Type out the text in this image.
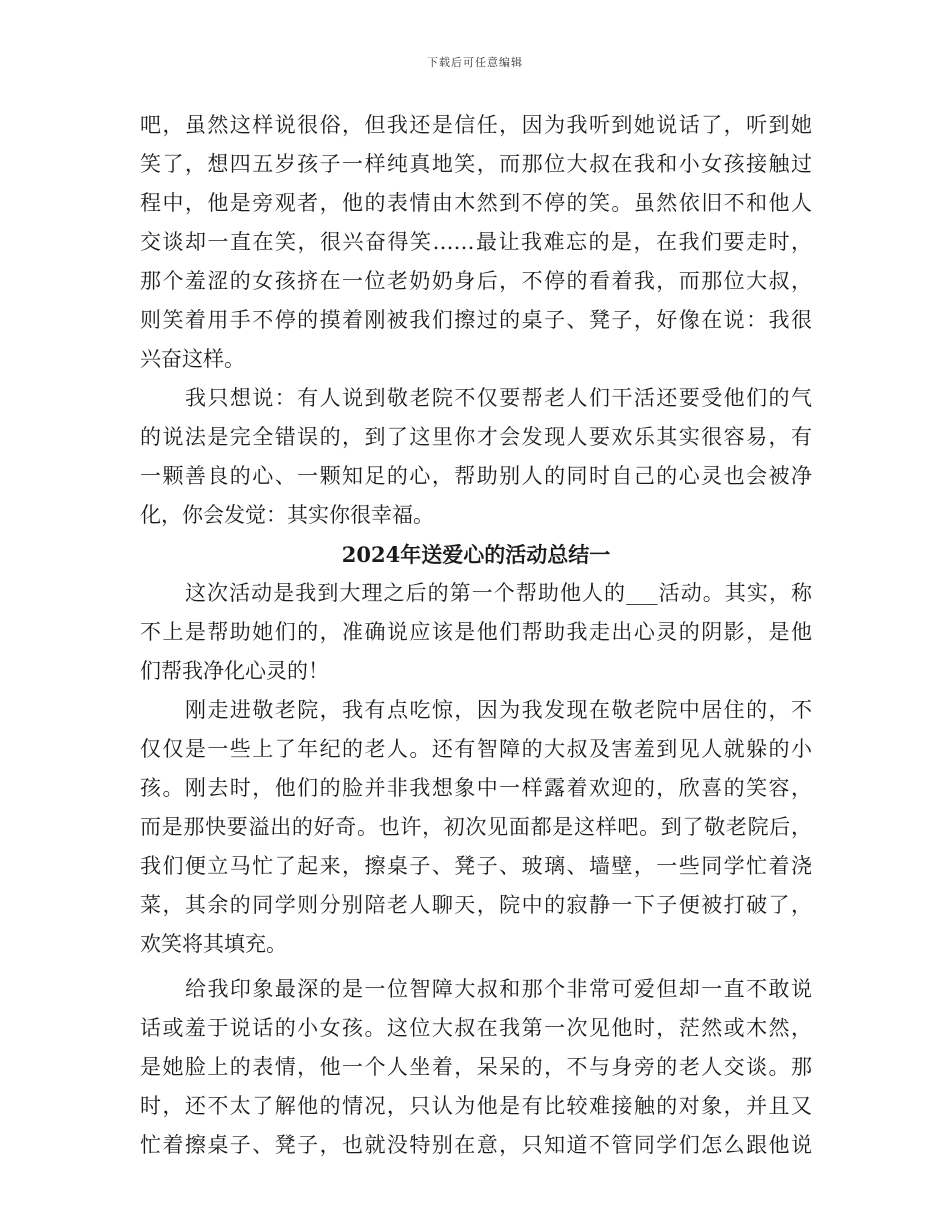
下载后可任意编辑
吧，虽然这样说很俗，但我还是信任，因为我听到她说话了，听到她
笑了，想四五岁孩子一样纯真地笑，而那位大叔在我和小女孩接触过
程中，他是旁观者，他的表情由木然到不停的笑。虽然依旧不和他人
交谈却一直在笑，很兴奋得笑……最让我难忘的是，在我们要走时，
那个羞涩的女孩挤在一位老奶奶身后，不停的看着我，而那位大叔，
则笑着用手不停的摸着刚被我们擦过的桌子、凳子，好像在说：我很
兴奋这样。
我只想说：有人说到敬老院不仅要帮老人们干活还要受他们的气
的说法是完全错误的，到了这里你才会发现人要欢乐其实很容易，有
一颗善良的心、一颗知足的心，帮助别人的同时自己的心灵也会被净
化，你会发觉：其实你很幸福。
2024年送爱心的活动总结一
这次活动是我到大理之后的第一个帮助他人的___活动。其实，称
不上是帮助她们的，准确说应该是他们帮助我走出心灵的阴影，是他
们帮我净化心灵的！
刚走进敬老院，我有点吃惊，因为我发现在敬老院中居住的，不
仅仅是一些上了年纪的老人。还有智障的大叔及害羞到见人就躲的小
孩。刚去时，他们的脸并非我想象中一样露着欢迎的，欣喜的笑容，
而是那快要溢出的好奇。也许，初次见面都是这样吧。到了敬老院后，
我们便立马忙了起来，擦桌子、凳子、玻璃、墙壁，一些同学忙着浇
菜，其余的同学则分别陪老人聊天，院中的寂静一下子便被打破了，
欢笑将其填充。
给我印象最深的是一位智障大叔和那个非常可爱但却一直不敢说
话或羞于说话的小女孩。这位大叔在我第一次见他时，茫然或木然，
是她脸上的表情，他一个人坐着，呆呆的，不与身旁的老人交谈。那
时，还不太了解他的情况，只认为他是有比较难接触的对象，并且又
忙着擦桌子、凳子，也就没特别在意，只知道不管同学们怎么跟他说
